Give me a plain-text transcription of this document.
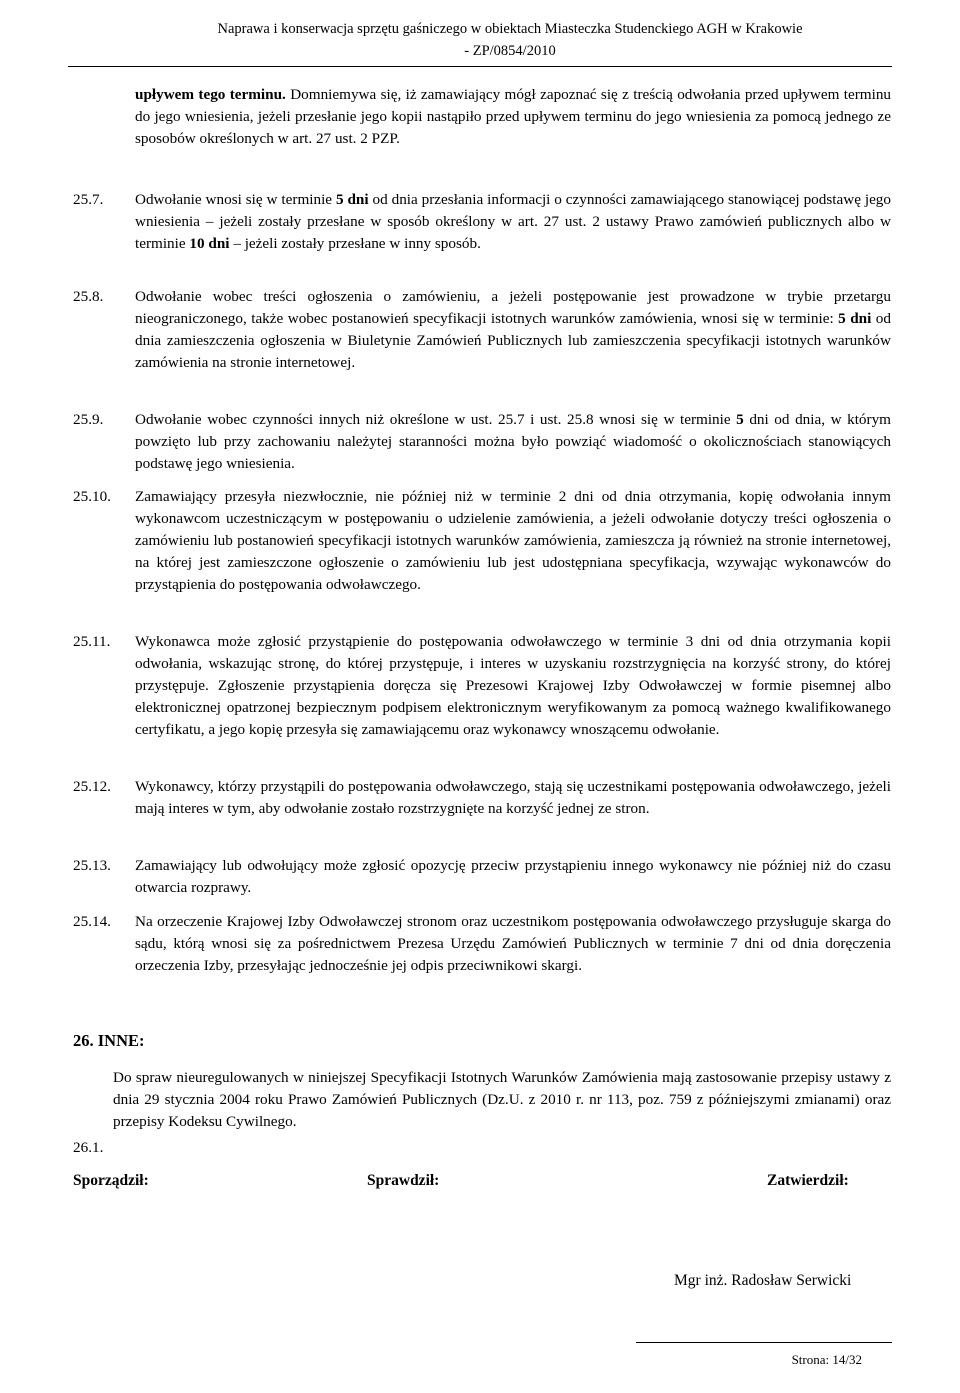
Naprawa i konserwacja sprzętu gaśniczego w obiektach Miasteczka Studenckiego AGH w Krakowie
- ZP/0854/2010
upływem tego terminu. Domniemywa się, iż zamawiający mógł zapoznać się z treścią odwołania przed upływem terminu do jego wniesienia, jeżeli przesłanie jego kopii nastąpiło przed upływem terminu do jego wniesienia za pomocą jednego ze sposobów określonych w art. 27 ust. 2 PZP.
25.7. Odwołanie wnosi się w terminie 5 dni od dnia przesłania informacji o czynności zamawiającego stanowiącej podstawę jego wniesienia – jeżeli zostały przesłane w sposób określony w art. 27 ust. 2 ustawy Prawo zamówień publicznych albo w terminie 10 dni – jeżeli zostały przesłane w inny sposób.
25.8. Odwołanie wobec treści ogłoszenia o zamówieniu, a jeżeli postępowanie jest prowadzone w trybie przetargu nieograniczonego, także wobec postanowień specyfikacji istotnych warunków zamówienia, wnosi się w terminie: 5 dni od dnia zamieszczenia ogłoszenia w Biuletynie Zamówień Publicznych lub zamieszczenia specyfikacji istotnych warunków zamówienia na stronie internetowej.
25.9. Odwołanie wobec czynności innych niż określone w ust. 25.7 i ust. 25.8 wnosi się w terminie 5 dni od dnia, w którym powzięto lub przy zachowaniu należytej staranności można było powziąć wiadomość o okolicznościach stanowiących podstawę jego wniesienia.
25.10. Zamawiający przesyła niezwłocznie, nie później niż w terminie 2 dni od dnia otrzymania, kopię odwołania innym wykonawcom uczestniczącym w postępowaniu o udzielenie zamówienia, a jeżeli odwołanie dotyczy treści ogłoszenia o zamówieniu lub postanowień specyfikacji istotnych warunków zamówienia, zamieszcza ją również na stronie internetowej, na której jest zamieszczone ogłoszenie o zamówieniu lub jest udostępniana specyfikacja, wzywając wykonawców do przystąpienia do postępowania odwoławczego.
25.11. Wykonawca może zgłosić przystąpienie do postępowania odwoławczego w terminie 3 dni od dnia otrzymania kopii odwołania, wskazując stronę, do której przystępuje, i interes w uzyskaniu rozstrzygnięcia na korzyść strony, do której przystępuje. Zgłoszenie przystąpienia doręcza się Prezesowi Krajowej Izby Odwoławczej w formie pisemnej albo elektronicznej opatrzonej bezpiecznym podpisem elektronicznym weryfikowanym za pomocą ważnego kwalifikowanego certyfikatu, a jego kopię przesyła się zamawiającemu oraz wykonawcy wnoszącemu odwołanie.
25.12. Wykonawcy, którzy przystąpili do postępowania odwoławczego, stają się uczestnikami postępowania odwoławczego, jeżeli mają interes w tym, aby odwołanie zostało rozstrzygnięte na korzyść jednej ze stron.
25.13. Zamawiający lub odwołujący może zgłosić opozycję przeciw przystąpieniu innego wykonawcy nie później niż do czasu otwarcia rozprawy.
25.14. Na orzeczenie Krajowej Izby Odwoławczej stronom oraz uczestnikom postępowania odwoławczego przysługuje skarga do sądu, którą wnosi się za pośrednictwem Prezesa Urzędu Zamówień Publicznych w terminie 7 dni od dnia doręczenia orzeczenia Izby, przesyłając jednocześnie jej odpis przeciwnikowi skargi.
26. INNE:
Do spraw nieuregulowanych w niniejszej Specyfikacji Istotnych Warunków Zamówienia mają zastosowanie przepisy ustawy z dnia 29 stycznia 2004 roku Prawo Zamówień Publicznych (Dz.U. z 2010 r. nr 113, poz. 759 z późniejszymi zmianami) oraz przepisy Kodeksu Cywilnego.
26.1.
Sporządził:	Sprawdził:	Zatwierdził:
Mgr inż. Radosław Serwicki
Strona: 14/32
